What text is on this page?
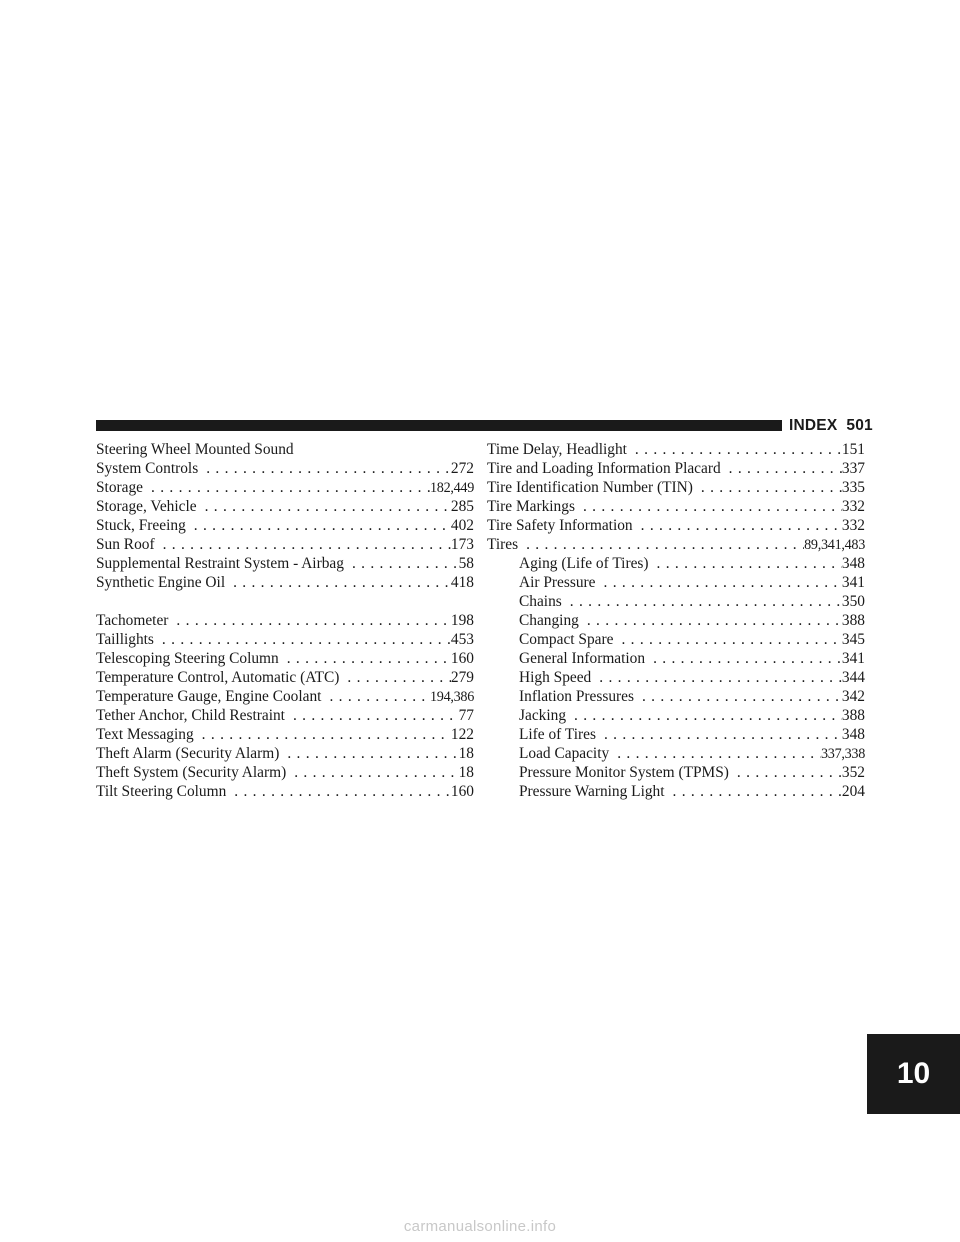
INDEX 501
Steering Wheel Mounted Sound
System Controls . . .	272
Storage . . .	182,449
Storage, Vehicle . . .	285
Stuck, Freeing . . .	402
Sun Roof . . .	173
Supplemental Restraint System - Airbag . . .	58
Synthetic Engine Oil . . .	418
Tachometer . . .	198
Taillights . . .	453
Telescoping Steering Column . . .	160
Temperature Control, Automatic (ATC) . . .	279
Temperature Gauge, Engine Coolant . . .	194,386
Tether Anchor, Child Restraint . . .	77
Text Messaging . . .	122
Theft Alarm (Security Alarm) . . .	18
Theft System (Security Alarm) . . .	18
Tilt Steering Column . . .	160
Time Delay, Headlight . . .	151
Tire and Loading Information Placard . . .	337
Tire Identification Number (TIN) . . .	335
Tire Markings . . .	332
Tire Safety Information . . .	332
Tires . . .	89,341,483
Aging (Life of Tires) . . .	348
Air Pressure . . .	341
Chains . . .	350
Changing . . .	388
Compact Spare . . .	345
General Information . . .	341
High Speed . . .	344
Inflation Pressures . . .	342
Jacking . . .	388
Life of Tires . . .	348
Load Capacity . . .	337,338
Pressure Monitor System (TPMS) . . .	352
Pressure Warning Light . . .	204
10
carmanualsonline.info
